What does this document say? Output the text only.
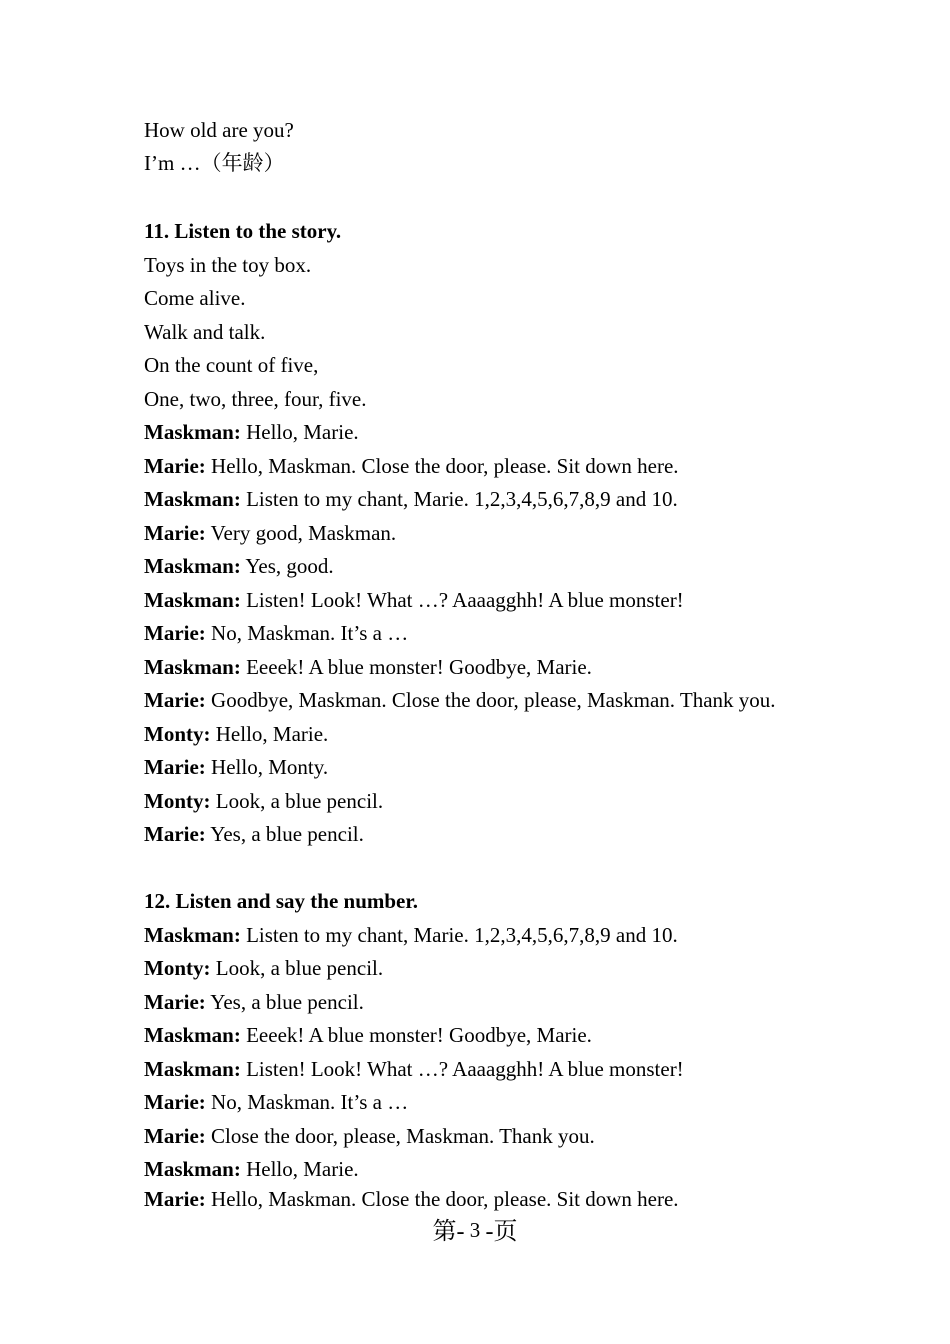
How old are you?
I’m …（年龄）
11. Listen to the story.
Toys in the toy box.
Come alive.
Walk and talk.
On the count of five,
One, two, three, four, five.
Maskman: Hello, Marie.
Marie: Hello, Maskman. Close the door, please. Sit down here.
Maskman: Listen to my chant, Marie. 1,2,3,4,5,6,7,8,9 and 10.
Marie: Very good, Maskman.
Maskman: Yes, good.
Maskman: Listen! Look! What …? Aaaagghh! A blue monster!
Marie: No, Maskman. It’s a …
Maskman: Eeeek! A blue monster! Goodbye, Marie.
Marie: Goodbye, Maskman. Close the door, please, Maskman. Thank you.
Monty: Hello, Marie.
Marie: Hello, Monty.
Monty: Look, a blue pencil.
Marie: Yes, a blue pencil.
12. Listen and say the number.
Maskman: Listen to my chant, Marie. 1,2,3,4,5,6,7,8,9 and 10.
Monty: Look, a blue pencil.
Marie: Yes, a blue pencil.
Maskman: Eeeek! A blue monster! Goodbye, Marie.
Maskman: Listen! Look! What …? Aaaagghh! A blue monster!
Marie: No, Maskman. It’s a …
Marie: Close the door, please, Maskman. Thank you.
Maskman: Hello, Marie.
Marie: Hello, Maskman. Close the door, please. Sit down here.
第- 3 -页
